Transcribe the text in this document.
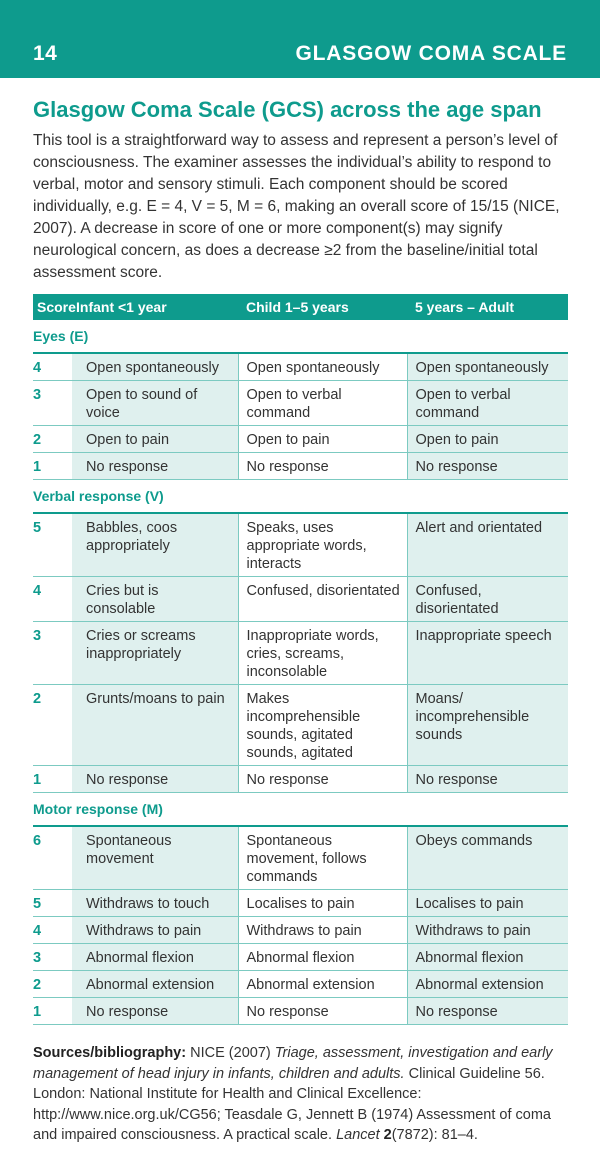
14	GLASGOW COMA SCALE
Glasgow Coma Scale (GCS) across the age span

This tool is a straightforward way to assess and represent a person’s level of consciousness. The examiner assesses the individual’s ability to respond to verbal, motor and sensory stimuli. Each component should be scored individually, e.g. E = 4, V = 5, M = 6, making an overall score of 15/15 (NICE, 2007). A decrease in score of one or more component(s) may signify neurological concern, as does a decrease ≥2 from the baseline/initial total assessment score.

Score	Infant <1 year	Child 1–5 years	5 years – Adult
Eyes (E)			
4	Open spontaneously	Open spontaneously	Open spontaneously
3	Open to sound of voice	Open to verbal command	Open to verbal command
2	Open to pain	Open to pain	Open to pain
1	No response	No response	No response
Verbal response (V)			
5	Babbles, coos appropriately	Speaks, uses appropriate words, interacts	Alert and orientated
4	Cries but is consolable	Confused, disorientated	Confused, disorientated
3	Cries or screams inappropriately	Inappropriate words, cries, screams, inconsolable	Inappropriate speech
2	Grunts/moans to pain	Makes incomprehensible sounds, agitated sounds, agitated	Moans/ incomprehensible sounds
1	No response	No response	No response
Motor response (M)			
6	Spontaneous movement	Spontaneous movement, follows commands	Obeys commands
5	Withdraws to touch	Localises to pain	Localises to pain
4	Withdraws to pain	Withdraws to pain	Withdraws to pain
3	Abnormal flexion	Abnormal flexion	Abnormal flexion
2	Abnormal extension	Abnormal extension	Abnormal extension
1	No response	No response	No response
Sources/bibliography: NICE (2007) Triage, assessment, investigation and early management of head injury in infants, children and adults. Clinical Guideline 56. London: National Institute for Health and Clinical Excellence: http://www.nice.org.uk/CG56; Teasdale G, Jennett B (1974) Assessment of coma and impaired consciousness. A practical scale. Lancet 2(7872): 81–4.
